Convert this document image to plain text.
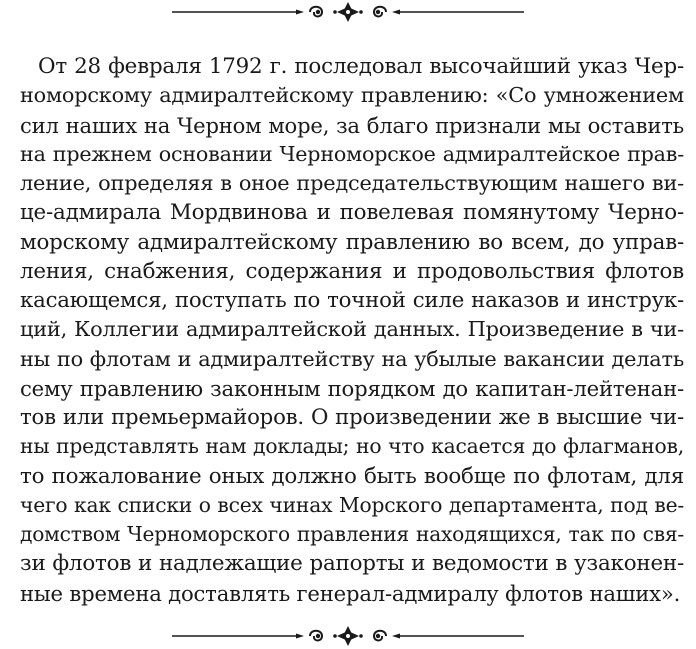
От 28 февраля 1792 г. последовал высочайший указ Чер-
номорскому адмиралтейскому правлению: «Со умножением
сил наших на Черном море, за благо признали мы оставить
на прежнем основании Черноморское адмиралтейское прав-
ление, определяя в оное председательствующим нашего ви-
це-адмирала Мордвинова и повелевая помянутому Черно-
морскому адмиралтейскому правлению во всем, до управ-
ления, снабжения, содержания и продовольствия флотов
касающемся, поступать по точной силе наказов и инструк-
ций, Коллегии адмиралтейской данных. Произведение в чи-
ны по флотам и адмиралтейству на убылые вакансии делать
сему правлению законным порядком до капитан-лейтенан-
тов или премьермайоров. О произведении же в высшие чи-
ны представлять нам доклады; но что касается до флагманов,
то пожалование оных должно быть вообще по флотам, для
чего как списки о всех чинах Морского департамента, под ве-
домством Черноморского правления находящихся, так по свя-
зи флотов и надлежащие рапорты и ведомости в узаконен-
ные времена доставлять генерал-адмиралу флотов наших».
